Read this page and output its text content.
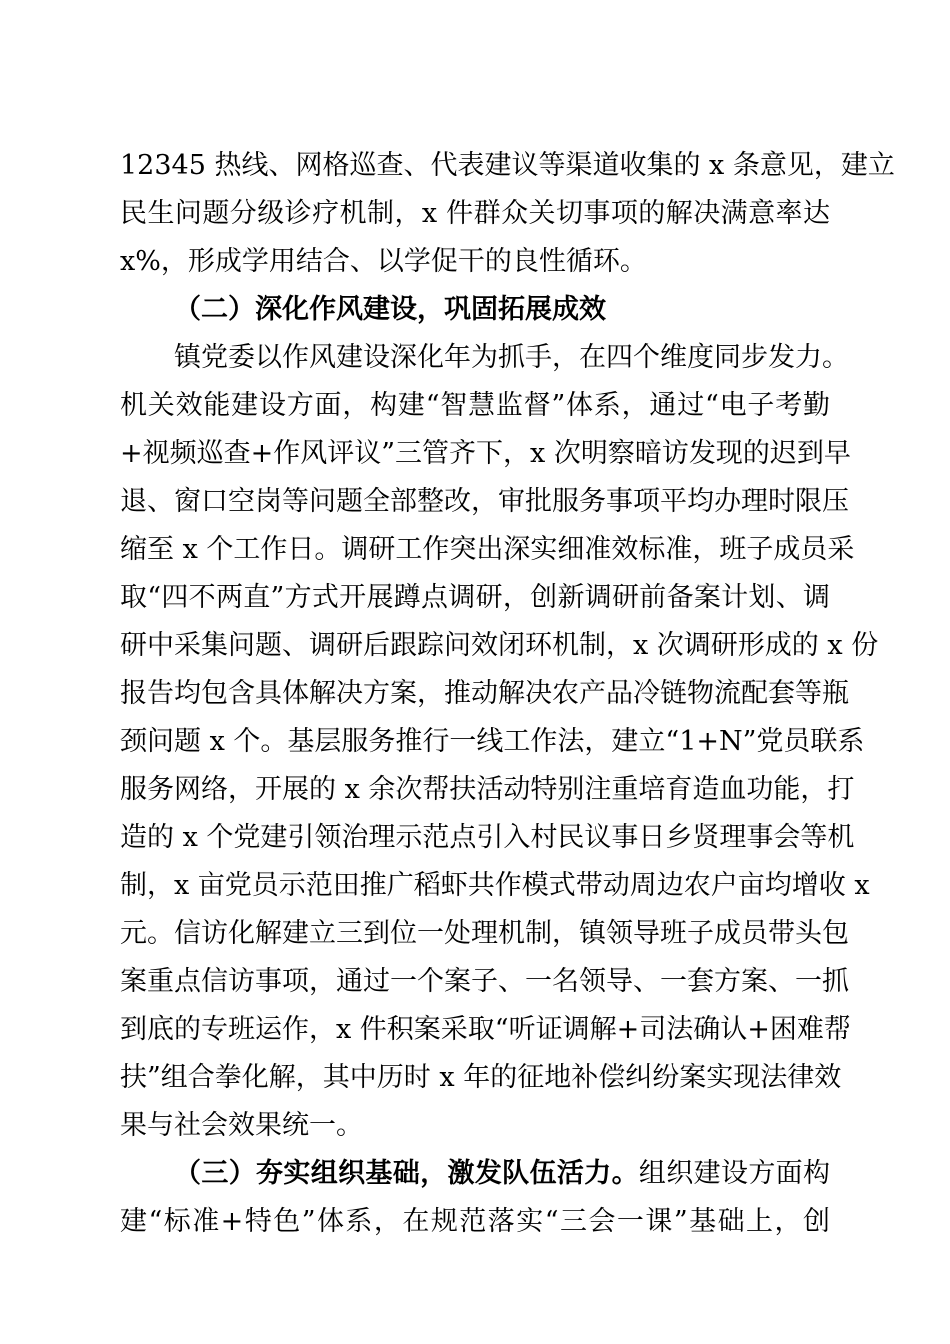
12345 热线、网格巡查、代表建议等渠道收集的 x 条意见，建立
民生问题分级诊疗机制，x 件群众关切事项的解决满意率达
x%，形成学用结合、以学促干的良性循环。
（二）深化作风建设，巩固拓展成效
镇党委以作风建设深化年为抓手，在四个维度同步发力。
机关效能建设方面，构建“智慧监督”体系，通过“电子考勤
+视频巡查+作风评议”三管齐下，x 次明察暗访发现的迟到早
退、窗口空岗等问题全部整改，审批服务事项平均办理时限压
缩至 x 个工作日。调研工作突出深实细准效标准，班子成员采
取“四不两直”方式开展蹲点调研，创新调研前备案计划、调
研中采集问题、调研后跟踪问效闭环机制，x 次调研形成的 x 份
报告均包含具体解决方案，推动解决农产品冷链物流配套等瓶
颈问题 x 个。基层服务推行一线工作法，建立“1+N”党员联系
服务网络，开展的 x 余次帮扶活动特别注重培育造血功能，打
造的 x 个党建引领治理示范点引入村民议事日乡贤理事会等机
制，x 亩党员示范田推广稻虾共作模式带动周边农户亩均增收 x
元。信访化解建立三到位一处理机制，镇领导班子成员带头包
案重点信访事项，通过一个案子、一名领导、一套方案、一抓
到底的专班运作，x 件积案采取“听证调解+司法确认+困难帮
扶”组合拳化解，其中历时 x 年的征地补偿纠纷案实现法律效
果与社会效果统一。
（三）夯实组织基础，激发队伍活力。组织建设方面构
建“标准+特色”体系，在规范落实“三会一课”基础上，创
